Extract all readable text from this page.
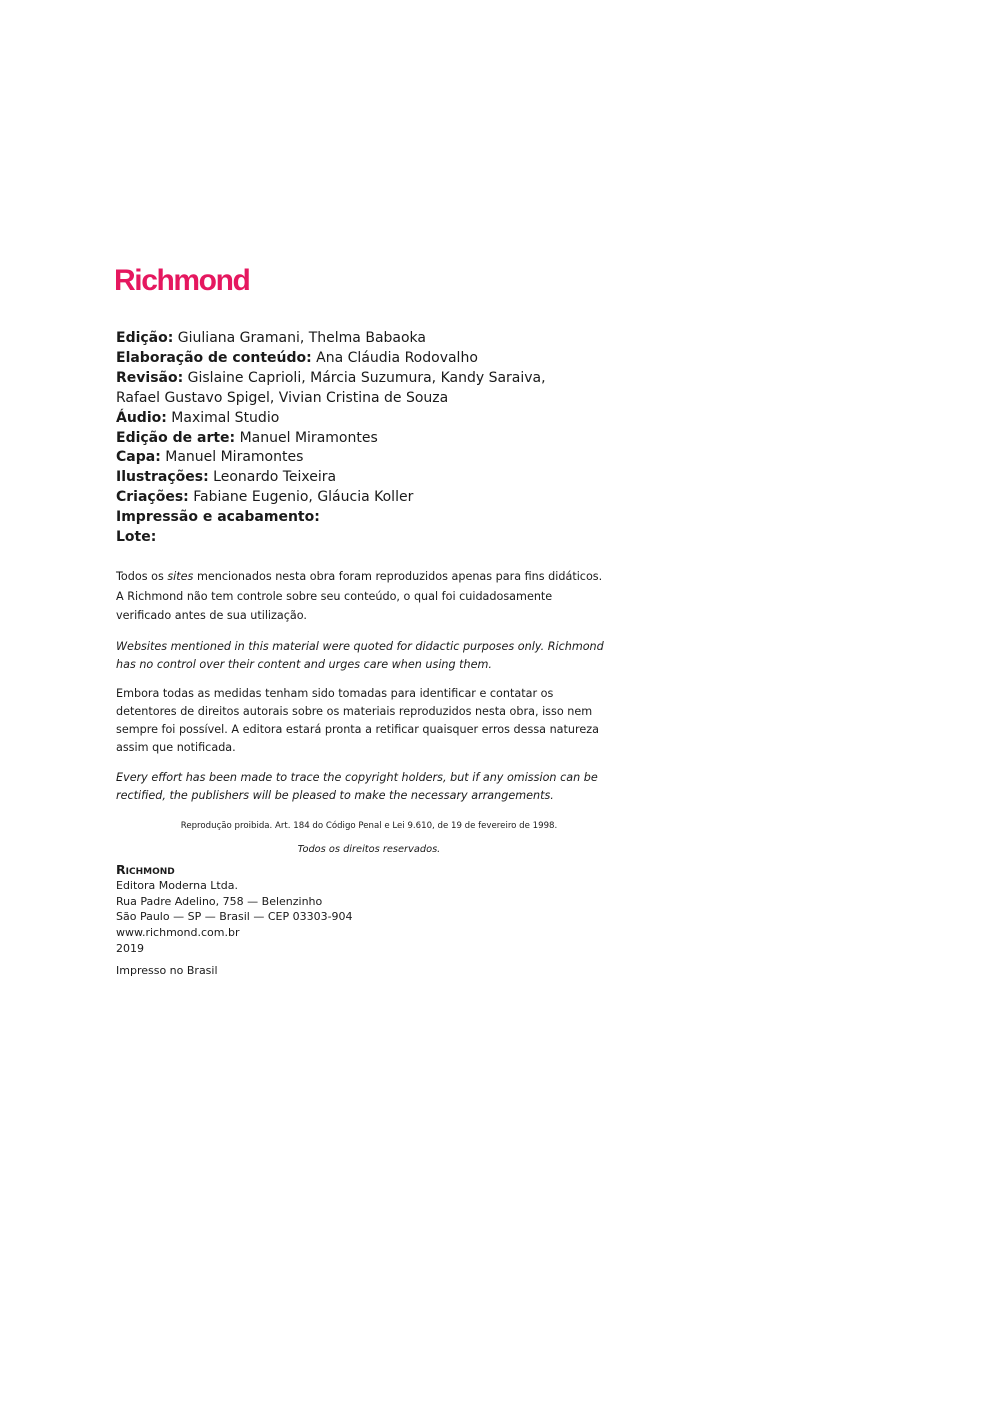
Richmond
Edição: Giuliana Gramani, Thelma Babaoka
Elaboração de conteúdo: Ana Cláudia Rodovalho
Revisão: Gislaine Caprioli, Márcia Suzumura, Kandy Saraiva,
Rafael Gustavo Spigel, Vivian Cristina de Souza
Áudio: Maximal Studio
Edição de arte: Manuel Miramontes
Capa: Manuel Miramontes
Ilustrações: Leonardo Teixeira
Criações: Fabiane Eugenio, Gláucia Koller
Impressão e acabamento:
Lote:

Todos os sites mencionados nesta obra foram reproduzidos apenas para fins didáticos.
A Richmond não tem controle sobre seu conteúdo, o qual foi cuidadosamente
verificado antes de sua utilização.

Websites mentioned in this material were quoted for didactic purposes only. Richmond
has no control over their content and urges care when using them.

Embora todas as medidas tenham sido tomadas para identificar e contatar os
detentores de direitos autorais sobre os materiais reproduzidos nesta obra, isso nem
sempre foi possível. A editora estará pronta a retificar quaisquer erros dessa natureza
assim que notificada.

Every effort has been made to trace the copyright holders, but if any omission can be
rectified, the publishers will be pleased to make the necessary arrangements.

Reprodução proibida. Art. 184 do Código Penal e Lei 9.610, de 19 de fevereiro de 1998.
Todos os direitos reservados.
Richmond
Editora Moderna Ltda.
Rua Padre Adelino, 758 — Belenzinho
São Paulo — SP — Brasil — CEP 03303-904
www.richmond.com.br
2019
Impresso no Brasil
